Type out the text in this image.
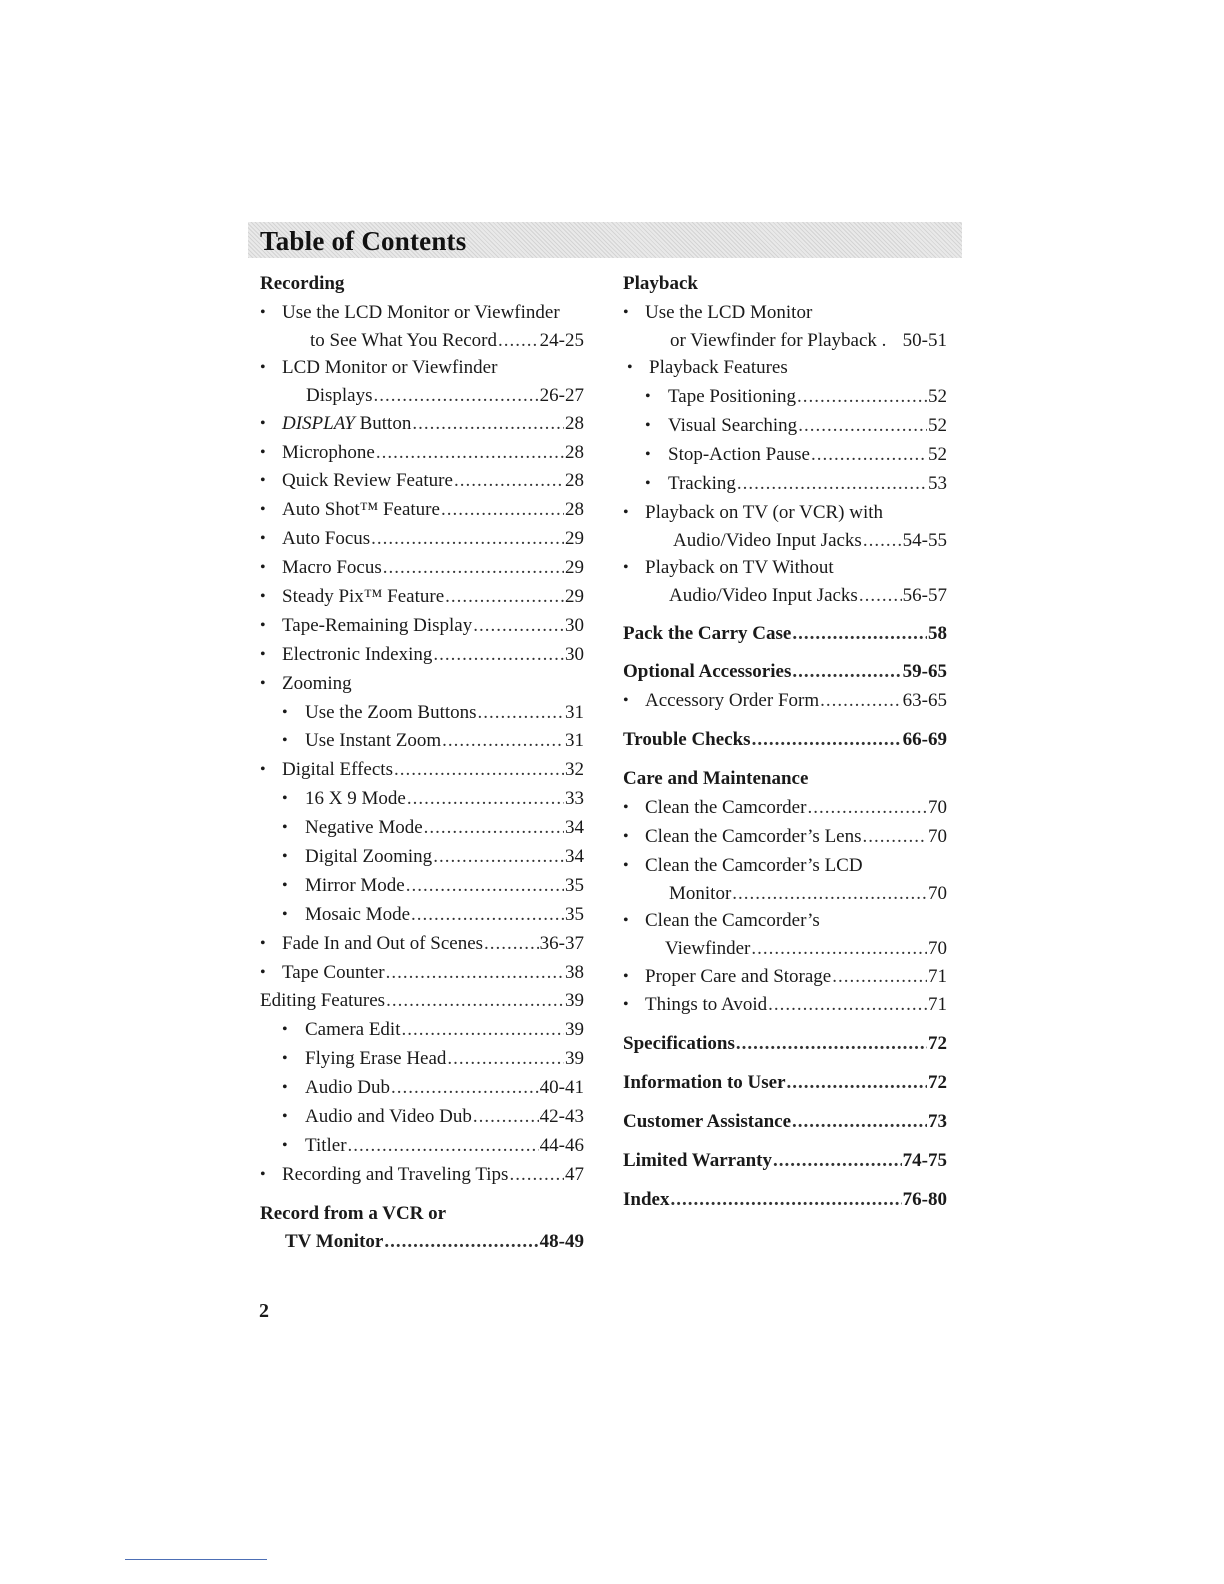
Table of Contents
Recording
• Use the LCD Monitor or Viewfinder
to See What You Record ..... 24-25
• LCD Monitor or Viewfinder
Displays .....	26-27
• DISPLAY Button .....	28
• Microphone .....	28
• Quick Review Feature .....	28
• Auto Shot™ Feature .....	28
• Auto Focus .....	29
• Macro Focus .....	29
• Steady Pix™ Feature .....	29
• Tape-Remaining Display .....	30
• Electronic Indexing .....	30
• Zooming
• Use the Zoom Buttons .....	31
• Use Instant Zoom .....	31
• Digital Effects .....	32
• 16 X 9 Mode .....	33
• Negative Mode .....	34
• Digital Zooming .....	34
• Mirror Mode .....	35
• Mosaic Mode .....	35
• Fade In and Out of Scenes .....	36-37
• Tape Counter .....	38
Editing Features .....	39
• Camera Edit .....	39
• Flying Erase Head .....	39
• Audio Dub .....	40-41
• Audio and Video Dub .....	42-43
• Titler .....	44-46
• Recording and Traveling Tips .....	47
Record from a VCR or
TV Monitor .....	48-49
Playback
• Use the LCD Monitor
or Viewfinder for Playback . 50-51
• Playback Features
• Tape Positioning .....	52
• Visual Searching .....	52
• Stop-Action Pause .....	52
• Tracking .....	53
• Playback on TV (or VCR) with
Audio/Video Input Jacks ..... 54-55
• Playback on TV Without
Audio/Video Input Jacks ..... 56-57
Pack the Carry Case .....	58
Optional Accessories .....	59-65
• Accessory Order Form .....	63-65
Trouble Checks .....	66-69
Care and Maintenance
• Clean the Camcorder .....	70
• Clean the Camcorder’s Lens .....	70
• Clean the Camcorder’s LCD
Monitor .....	70
• Clean the Camcorder’s
Viewfinder .....	70
• Proper Care and Storage .....	71
• Things to Avoid .....	71
Specifications .....	72
Information to User .....	72
Customer Assistance .....	73
Limited Warranty .....	74-75
Index .....	76-80
2
